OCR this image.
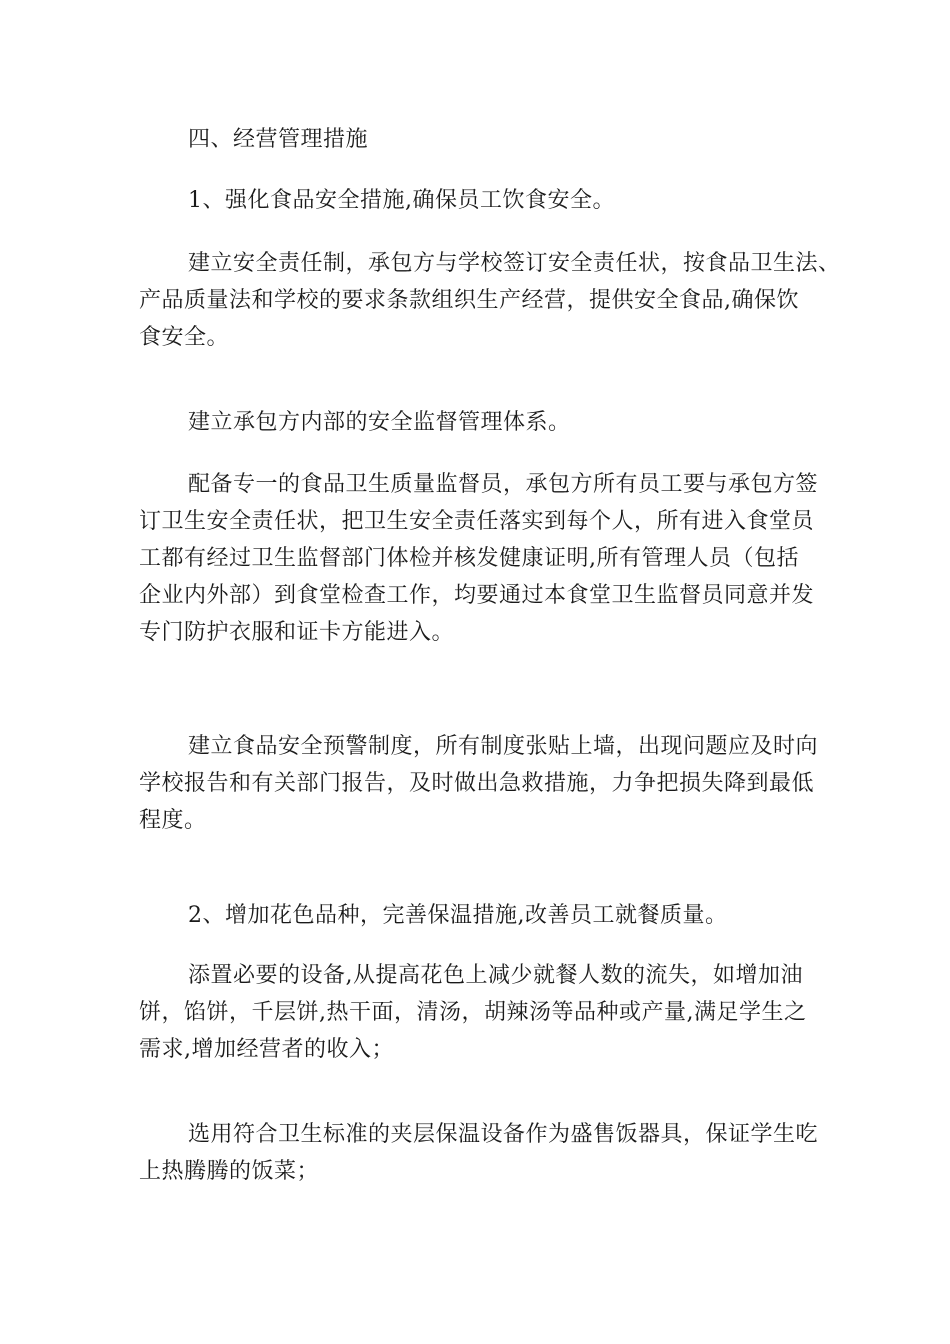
四、经营管理措施

1、强化食品安全措施,确保员工饮食安全。

建立安全责任制，承包方与学校签订安全责任状，按食品卫生法、
产品质量法和学校的要求条款组织生产经营，提供安全食品,确保饮
食安全。
建立承包方内部的安全监督管理体系。
配备专一的食品卫生质量监督员，承包方所有员工要与承包方签
订卫生安全责任状，把卫生安全责任落实到每个人，所有进入食堂员
工都有经过卫生监督部门体检并核发健康证明,所有管理人员（包括
企业内外部）到食堂检查工作，均要通过本食堂卫生监督员同意并发
专门防护衣服和证卡方能进入。
建立食品安全预警制度，所有制度张贴上墙，出现问题应及时向
学校报告和有关部门报告，及时做出急救措施，力争把损失降到最低
程度。

2、增加花色品种，完善保温措施,改善员工就餐质量。

添置必要的设备,从提高花色上减少就餐人数的流失，如增加油
饼，馅饼，千层饼,热干面，清汤，胡辣汤等品种或产量,满足学生之
需求,增加经营者的收入；
选用符合卫生标准的夹层保温设备作为盛售饭器具，保证学生吃
上热腾腾的饭菜；
